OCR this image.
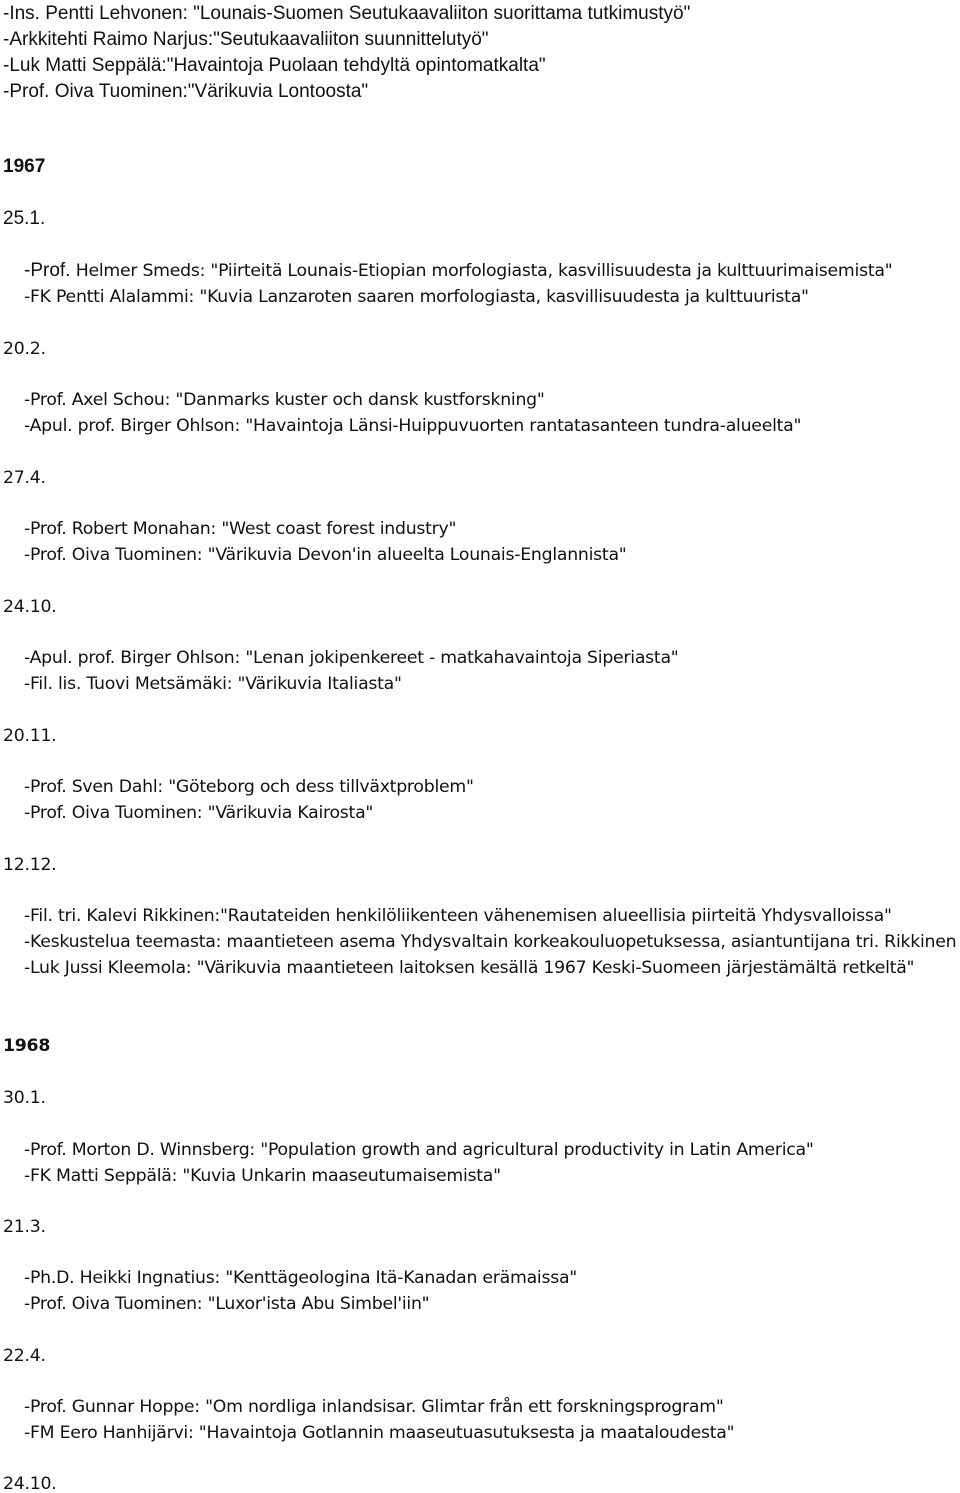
-Ins. Pentti Lehvonen: "Lounais-Suomen Seutukaavaliiton suorittama tutkimustyö"
-Arkkitehti Raimo Narjus:"Seutukaavaliiton suunnittelutyö"
-Luk Matti Seppälä:"Havaintoja Puolaan tehdyltä opintomatkalta"
-Prof. Oiva Tuominen:"Värikuvia Lontoosta"
1967
25.1.
-Prof. Helmer Smeds: "Piirteitä Lounais-Etiopian morfologiasta, kasvillisuudesta ja kulttuurimaisemista"
-FK Pentti Alalammi: "Kuvia Lanzaroten saaren morfologiasta, kasvillisuudesta ja kulttuurista"
20.2.
-Prof. Axel Schou: "Danmarks kuster och dansk kustforskning"
-Apul. prof. Birger Ohlson: "Havaintoja Länsi-Huippuvuorten rantatasanteen tundra-alueelta"
27.4.
-Prof. Robert Monahan: "West coast forest industry"
-Prof. Oiva Tuominen: "Värikuvia Devon'in alueelta Lounais-Englannista"
24.10.
-Apul. prof. Birger Ohlson: "Lenan jokipenkereet - matkahavaintoja Siperiasta"
-Fil. lis. Tuovi Metsämäki: "Värikuvia Italiasta"
20.11.
-Prof. Sven Dahl: "Göteborg och dess tillväxtproblem"
-Prof. Oiva Tuominen: "Värikuvia Kairosta"
12.12.
-Fil. tri. Kalevi Rikkinen:"Rautateiden henkilöliikenteen vähenemisen alueellisia piirteitä Yhdysvalloissa"
-Keskustelua teemasta: maantieteen asema Yhdysvaltain korkeakouluopetuksessa, asiantuntijana tri. Rikkinen
-Luk Jussi Kleemola: "Värikuvia maantieteen laitoksen kesällä 1967 Keski-Suomeen järjestämältä retkeltä"
1968
30.1.
-Prof. Morton D. Winnsberg: "Population growth and agricultural productivity in Latin America"
-FK Matti Seppälä: "Kuvia Unkarin maaseutumaisemista"
21.3.
-Ph.D. Heikki Ingnatius: "Kenttägeologina Itä-Kanadan erämaissa"
-Prof. Oiva Tuominen: "Luxor'ista Abu Simbel'iin"
22.4.
-Prof. Gunnar Hoppe: "Om nordliga inlandsisar. Glimtar från ett forskningsprogram"
-FM Eero Hanhijärvi: "Havaintoja Gotlannin maaseutuasutuksesta ja maataloudesta"
24.10.
